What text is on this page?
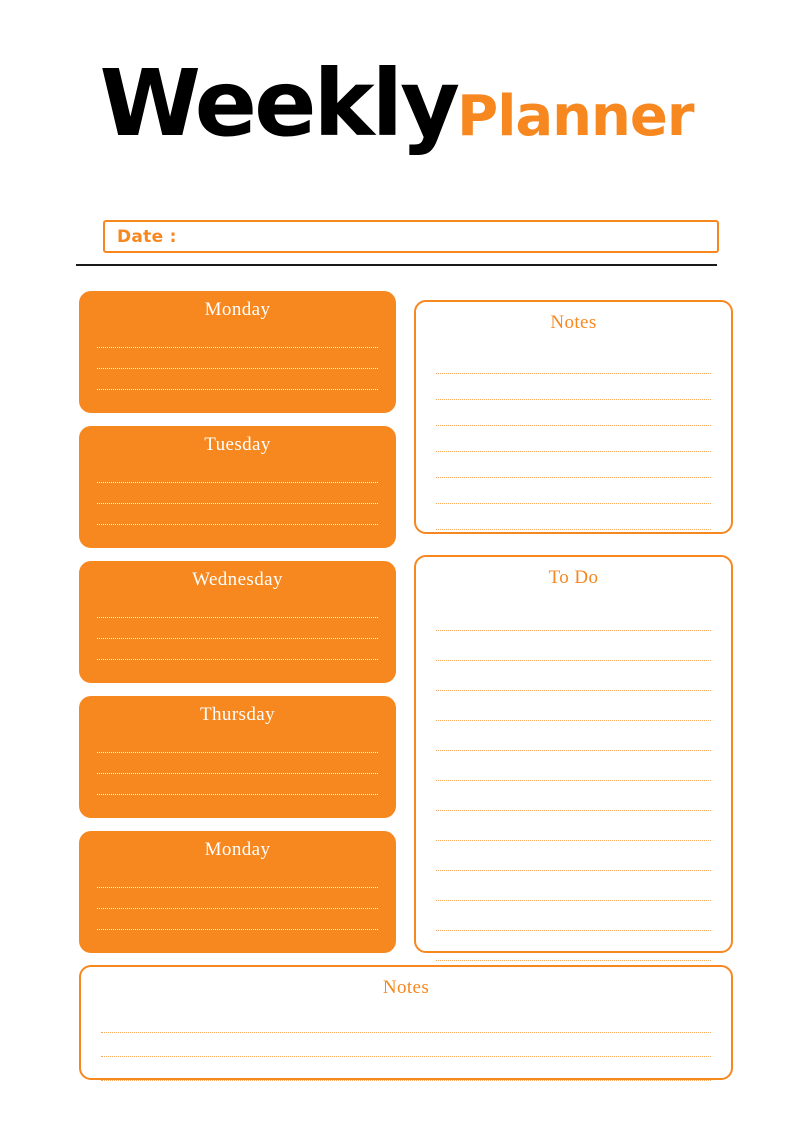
WeeklyPlanner
Date :
Monday
Tuesday
Wednesday
Thursday
Monday
Notes
To Do
Notes
